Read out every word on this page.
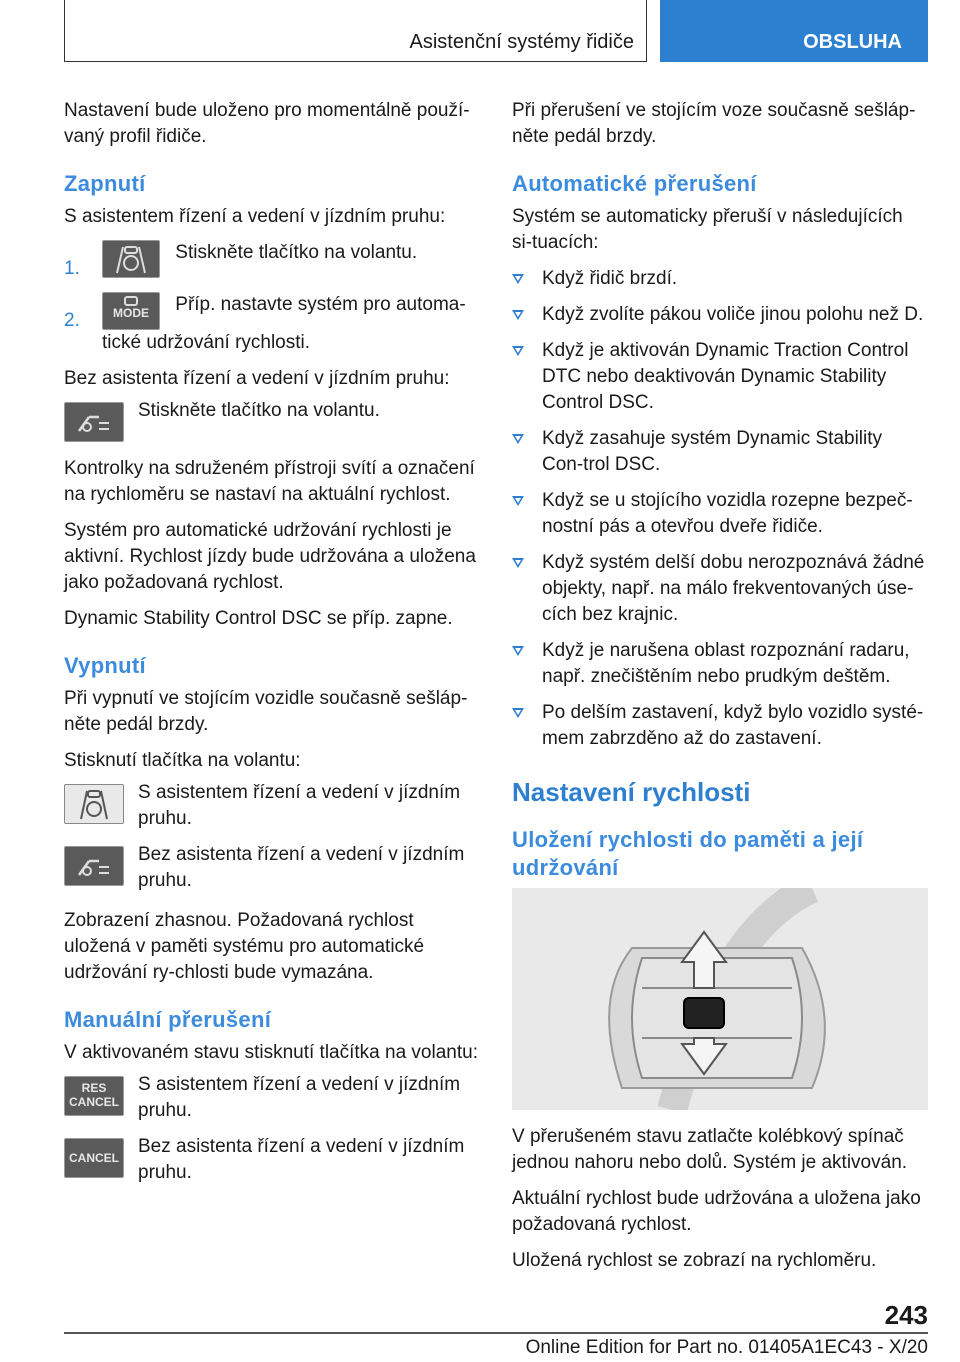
Asistenční systémy řidiče	OBSLUHA

Nastavení bude uloženo pro momentálně použí-vaný profil řidiče.

Zapnutí

S asistentem řízení a vedení v jízdním pruhu:

1.
Stiskněte tlačítko na volantu.
2.	MODE	Příp. nastavte systém pro automa-tické udržování rychlosti.

Bez asistenta řízení a vedení v jízdním pruhu:

Stiskněte tlačítko na volantu.

Kontrolky na sdruženém přístroji svítí a označení na rychloměru se nastaví na aktuální rychlost.

Systém pro automatické udržování rychlosti je aktivní. Rychlost jízdy bude udržována a uložena jako požadovaná rychlost.

Dynamic Stability Control DSC se příp. zapne.

Vypnutí

Při vypnutí ve stojícím vozidle současně sešláp-něte pedál brzdy.

Stisknutí tlačítka na volantu:

S asistentem řízení a vedení v jízdním pruhu.
Bez asistenta řízení a vedení v jízdním pruhu.

Zobrazení zhasnou. Požadovaná rychlost uložená v paměti systému pro automatické udržování ry-chlosti bude vymazána.

Manuální přerušení

V aktivovaném stavu stisknutí tlačítka na volantu:

RES
CANCEL
S asistentem řízení a vedení v jízdním pruhu.
CANCEL
Bez asistenta řízení a vedení v jízdním pruhu.

Při přerušení ve stojícím voze současně sešláp-něte pedál brzdy.

Automatické přerušení

Systém se automaticky přeruší v následujících si-tuacích:

Když řidič brzdí.
Když zvolíte pákou voliče jinou polohu než D.
Když je aktivován Dynamic Traction Control DTC nebo deaktivován Dynamic Stability Control DSC.
Když zasahuje systém Dynamic Stability Con-trol DSC.
Když se u stojícího vozidla rozepne bezpeč-nostní pás a otevřou dveře řidiče.
Když systém delší dobu nerozpoznává žádné objekty, např. na málo frekventovaných úse-cích bez krajnic.
Když je narušena oblast rozpoznání radaru, např. znečištěním nebo prudkým deštěm.
Po delším zastavení, když bylo vozidlo systé-mem zabrzděno až do zastavení.
Nastavení rychlosti
Uložení rychlosti do paměti a její udržování

V přerušeném stavu zatlačte kolébkový spínač jednou nahoru nebo dolů. Systém je aktivován.

Aktuální rychlost bude udržována a uložena jako požadovaná rychlost.

Uložená rychlost se zobrazí na rychloměru.

243
Online Edition for Part no. 01405A1EC43 - X/20
